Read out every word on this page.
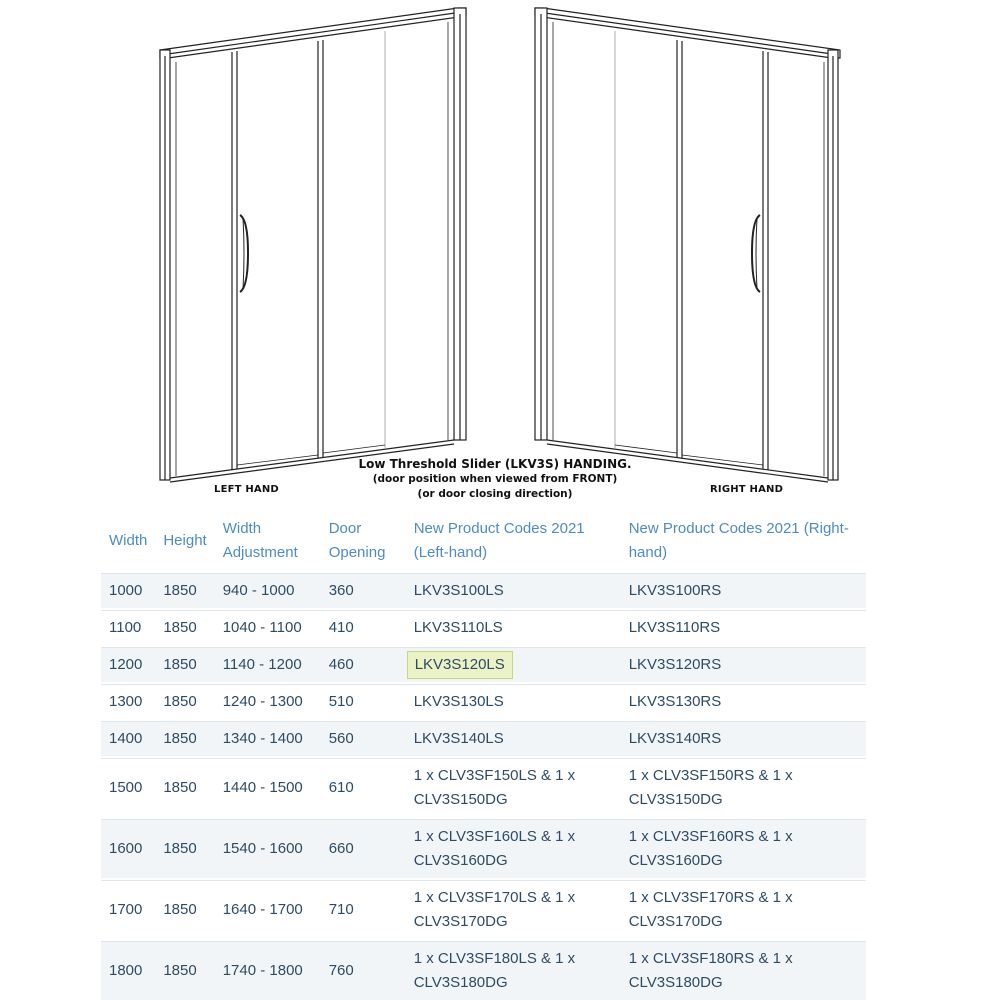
LEFT HAND	RIGHT HAND
Low Threshold Slider (LKV3S) HANDING.
(door position when viewed from FRONT)
(or door closing direction)
Width	Height	Width Adjustment	Door Opening	New Product Codes 2021 (Left-hand)	New Product Codes 2021 (Right-hand)
1000	1850	940 - 1000	360	LKV3S100LS	LKV3S100RS
1100	1850	1040 - 1100	410	LKV3S110LS	LKV3S110RS
1200	1850	1140 - 1200	460	LKV3S120LS	LKV3S120RS
1300	1850	1240 - 1300	510	LKV3S130LS	LKV3S130RS
1400	1850	1340 - 1400	560	LKV3S140LS	LKV3S140RS
1500	1850	1440 - 1500	610	1 x CLV3SF150LS & 1 x CLV3S150DG	1 x CLV3SF150RS & 1 x CLV3S150DG
1600	1850	1540 - 1600	660	1 x CLV3SF160LS & 1 x CLV3S160DG	1 x CLV3SF160RS & 1 x CLV3S160DG
1700	1850	1640 - 1700	710	1 x CLV3SF170LS & 1 x CLV3S170DG	1 x CLV3SF170RS & 1 x CLV3S170DG
1800	1850	1740 - 1800	760	1 x CLV3SF180LS & 1 x CLV3S180DG	1 x CLV3SF180RS & 1 x CLV3S180DG
